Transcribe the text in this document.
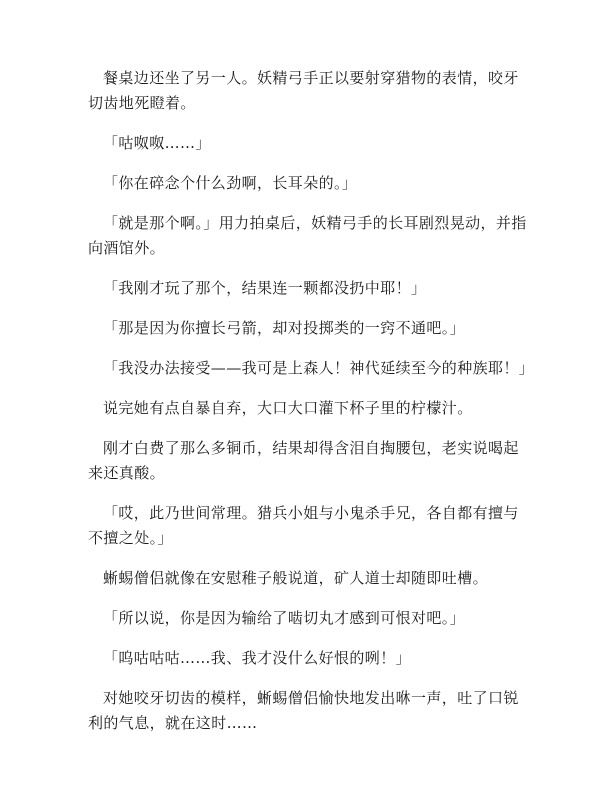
餐桌边还坐了另一人。妖精弓手正以要射穿猎物的表情，咬牙切齿地死瞪着。

「咕呶呶……」

「你在碎念个什么劲啊，长耳朵的。」

「就是那个啊。」用力拍桌后，妖精弓手的长耳剧烈晃动，并指向酒馆外。

「我刚才玩了那个，结果连一颗都没扔中耶！」

「那是因为你擅长弓箭，却对投掷类的一窍不通吧。」

「我没办法接受——我可是上森人！神代延续至今的种族耶！」

说完她有点自暴自弃，大口大口灌下杯子里的柠檬汁。

刚才白费了那么多铜币，结果却得含泪自掏腰包，老实说喝起来还真酸。

「哎，此乃世间常理。猎兵小姐与小鬼杀手兄，各自都有擅与不擅之处。」

蜥蜴僧侣就像在安慰稚子般说道，矿人道士却随即吐槽。

「所以说，你是因为输给了啮切丸才感到可恨对吧。」

「呜咕咕咕……我、我才没什么好恨的咧！」

对她咬牙切齿的模样，蜥蜴僧侣愉快地发出咻一声，吐了口锐利的气息，就在这时……
